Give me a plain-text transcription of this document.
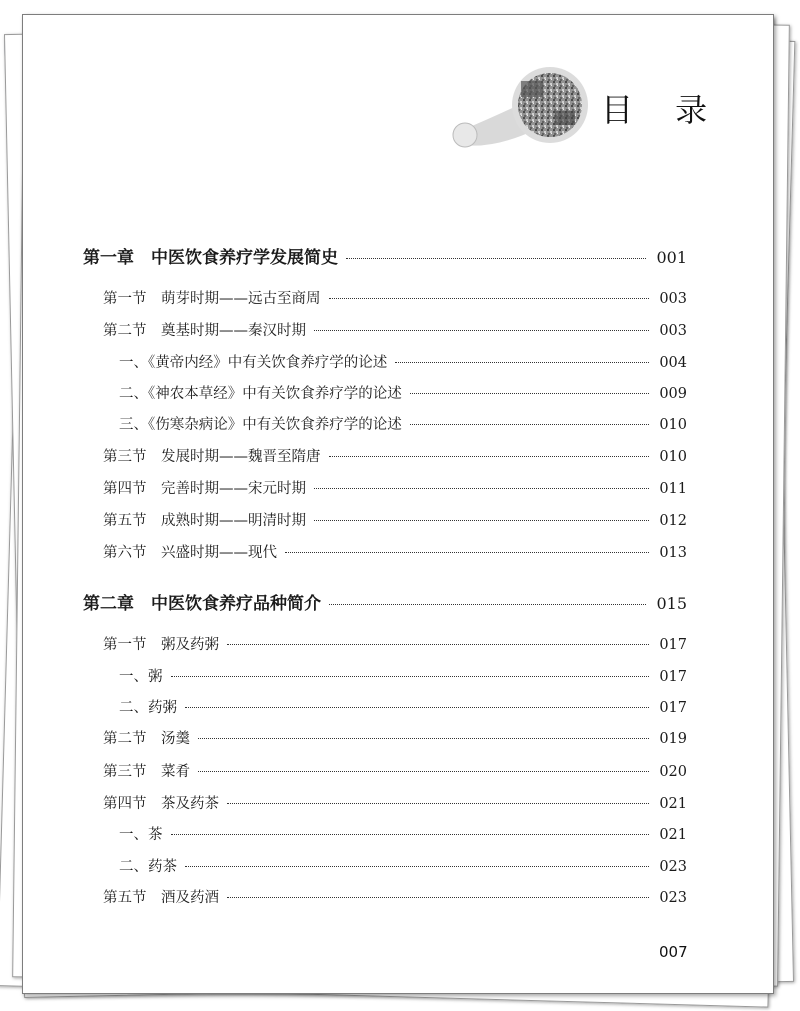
目 录
第一章　中医饮食养疗学发展简史	001
第一节　萌芽时期——远古至商周	003
第二节　奠基时期——秦汉时期	003
一、《黄帝内经》中有关饮食养疗学的论述	004
二、《神农本草经》中有关饮食养疗学的论述	009
三、《伤寒杂病论》中有关饮食养疗学的论述	010
第三节　发展时期——魏晋至隋唐	010
第四节　完善时期——宋元时期	011
第五节　成熟时期——明清时期	012
第六节　兴盛时期——现代	013
第二章　中医饮食养疗品种简介	015
第一节　粥及药粥	017
一、粥	017
二、药粥	017
第二节　汤羹	019
第三节　菜肴	020
第四节　茶及药茶	021
一、茶	021
二、药茶	023
第五节　酒及药酒	023
007
